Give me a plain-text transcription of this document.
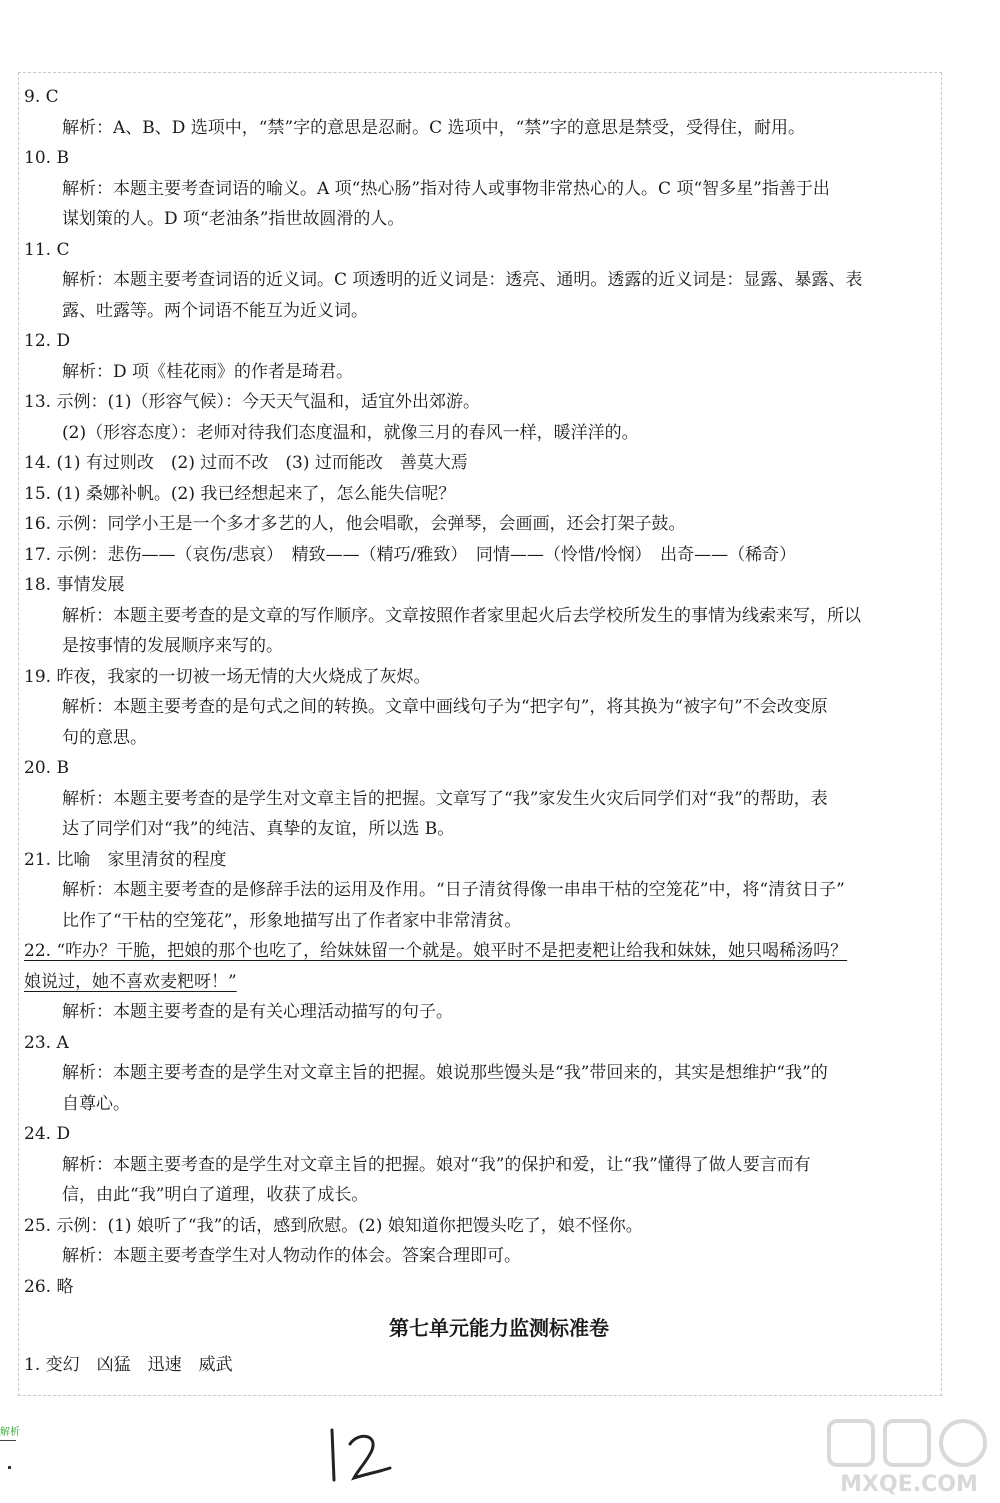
9. C
解析：A、B、D 选项中，“禁”字的意思是忍耐。C 选项中，“禁”字的意思是禁受，受得住，耐用。
10. B
解析：本题主要考查词语的喻义。A 项“热心肠”指对待人或事物非常热心的人。C 项“智多星”指善于出
谋划策的人。D 项“老油条”指世故圆滑的人。
11. C
解析：本题主要考查词语的近义词。C 项透明的近义词是：透亮、通明。透露的近义词是：显露、暴露、表
露、吐露等。两个词语不能互为近义词。
12. D
解析：D 项《桂花雨》的作者是琦君。
13. 示例：(1)（形容气候）：今天天气温和，适宜外出郊游。
(2)（形容态度）：老师对待我们态度温和，就像三月的春风一样，暖洋洋的。
14. (1) 有过则改　(2) 过而不改　(3) 过而能改　善莫大焉
15. (1) 桑娜补帆。(2) 我已经想起来了，怎么能失信呢？
16. 示例：同学小王是一个多才多艺的人，他会唱歌，会弹琴，会画画，还会打架子鼓。
17. 示例：悲伤——（哀伤/悲哀）　精致——（精巧/雅致）　同情——（怜惜/怜悯）　出奇——（稀奇）
18. 事情发展
解析：本题主要考查的是文章的写作顺序。文章按照作者家里起火后去学校所发生的事情为线索来写，所以
是按事情的发展顺序来写的。
19. 昨夜，我家的一切被一场无情的大火烧成了灰烬。
解析：本题主要考查的是句式之间的转换。文章中画线句子为“把字句”，将其换为“被字句”不会改变原
句的意思。
20. B
解析：本题主要考查的是学生对文章主旨的把握。文章写了“我”家发生火灾后同学们对“我”的帮助，表
达了同学们对“我”的纯洁、真挚的友谊，所以选 B。
21. 比喻　家里清贫的程度
解析：本题主要考查的是修辞手法的运用及作用。“日子清贫得像一串串干枯的空笼花”中，将“清贫日子”
比作了“干枯的空笼花”，形象地描写出了作者家中非常清贫。
22. “咋办？干脆，把娘的那个也吃了，给妹妹留一个就是。娘平时不是把麦粑让给我和妹妹，她只喝稀汤吗？
娘说过，她不喜欢麦粑呀！”
解析：本题主要考查的是有关心理活动描写的句子。
23. A
解析：本题主要考查的是学生对文章主旨的把握。娘说那些馒头是“我”带回来的，其实是想维护“我”的
自尊心。
24. D
解析：本题主要考查的是学生对文章主旨的把握。娘对“我”的保护和爱，让“我”懂得了做人要言而有
信，由此“我”明白了道理，收获了成长。
25. 示例：(1) 娘听了“我”的话，感到欣慰。(2) 娘知道你把馒头吃了，娘不怪你。
解析：本题主要考查学生对人物动作的体会。答案合理即可。
26. 略
第七单元能力监测标准卷
1. 变幻　凶猛　迅速　威武
解析
MXQE.COM
